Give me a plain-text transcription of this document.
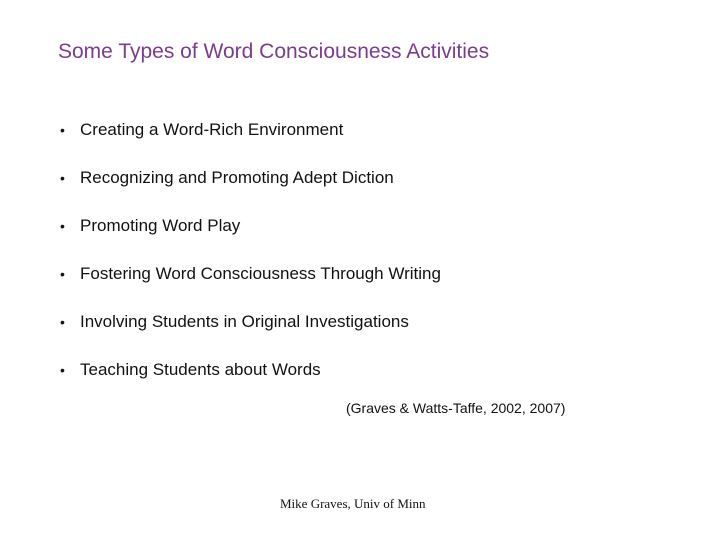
Some Types of Word Consciousness Activities
• Creating a Word-Rich Environment
• Recognizing and Promoting Adept Diction
• Promoting Word Play
• Fostering Word Consciousness Through Writing
• Involving Students in Original Investigations
• Teaching Students about Words
(Graves & Watts-Taffe, 2002, 2007)
Mike Graves, Univ of Minn
